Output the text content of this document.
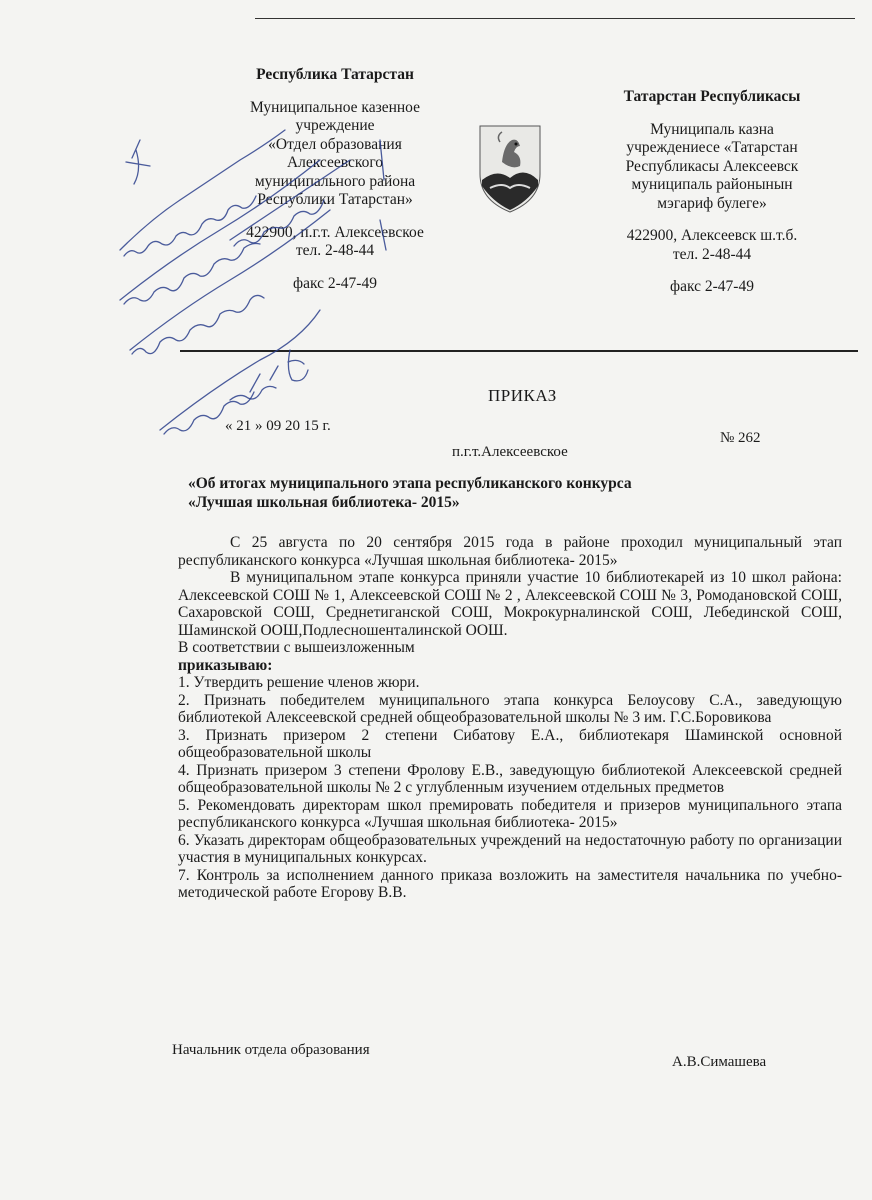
Республика Татарстан
Муниципальное казенное
учреждение
«Отдел образования
Алексеевского
муниципального района
Республики Татарстан»
422900, п.г.т. Алексеевское
тел. 2-48-44
факс 2-47-49
Татарстан Республикасы
Муниципаль казна
учреждениесе «Татарстан
Республикасы Алексеевск
муниципаль районынын
мэгариф булеге»
422900, Алексеевск ш.т.б.
тел. 2-48-44
факс 2-47-49
ПРИКАЗ
« 21 » 09 20 15 г.
№ 262
п.г.т.Алексеевское
«Об итогах муниципального этапа республиканского конкурса
«Лучшая школьная библиотека- 2015»

С 25 августа по 20 сентября 2015 года в районе проходил муниципальный этап республиканского конкурса «Лучшая школьная библиотека- 2015»

В муниципальном этапе конкурса приняли участие 10 библиотекарей из 10 школ района: Алексеевской СОШ № 1, Алексеевской СОШ № 2 , Алексеевской СОШ № 3, Ромодановской СОШ, Сахаровской СОШ, Среднетиганской СОШ, Мокрокурналинской СОШ, Лебединской СОШ, Шаминской ООШ,Подлесношенталинской ООШ.

В соответствии с вышеизложенным

приказываю:

1. Утвердить решение членов жюри.

2. Признать победителем муниципального этапа конкурса Белоусову С.А., заведующую библиотекой Алексеевской средней общеобразовательной школы № 3 им. Г.С.Боровикова

3. Признать призером 2 степени Сибатову Е.А., библиотекаря Шаминской основной общеобразовательной школы

4. Признать призером 3 степени Фролову Е.В., заведующую библиотекой Алексеевской средней общеобразовательной школы № 2 с углубленным изучением отдельных предметов

5. Рекомендовать директорам школ премировать победителя и призеров муниципального этапа республиканского конкурса «Лучшая школьная библиотека- 2015»

6. Указать директорам общеобразовательных учреждений на недостаточную работу по организации участия в муниципальных конкурсах.

7. Контроль за исполнением данного приказа возложить на заместителя начальника по учебно-методической работе Егорову В.В.

Начальник отдела образования
А.В.Симашева
